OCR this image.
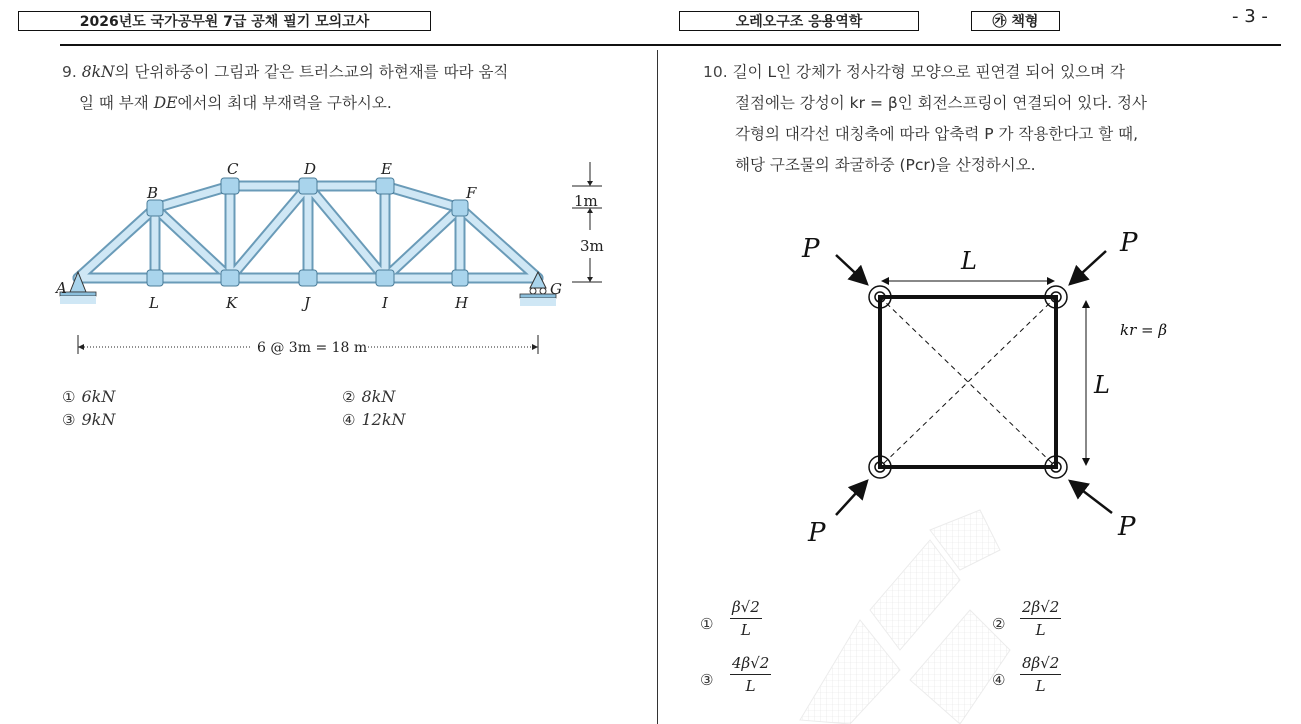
2026년도 국가공무원 7급 공채 필기 모의고사	오레오구조 응용역학	㉮ 책형	- 3 -
9. 8kN의 단위하중이 그림과 같은 트러스교의 하현재를 따라 움직
일 때 부재 DE에서의 최대 부재력을 구하시오.
B
C	D	E
F
A
L	K	J	I	H
G
1m
3m
6 @ 3m = 18 m
① 6kN	② 8kN
③ 9kN	④ 12kN
10. 길이 L인 강체가 정사각형 모양으로 핀연결 되어 있으며 각
절점에는 강성이 kr = β인 회전스프링이 연결되어 있다. 정사
각형의 대각선 대칭축에 따라 압축력 P 가 작용한다고 할 때,
해당 구조물의 좌굴하중 (Pcr)을 산정하시오.
P	P
P	P
L
L
kr = β
①	$\frac{\beta√2}{L}$	② $\frac{2\beta√2}{L}$
③	$\frac{4\beta√2}{L}$	④ $\frac{8\beta√2}{L}$
